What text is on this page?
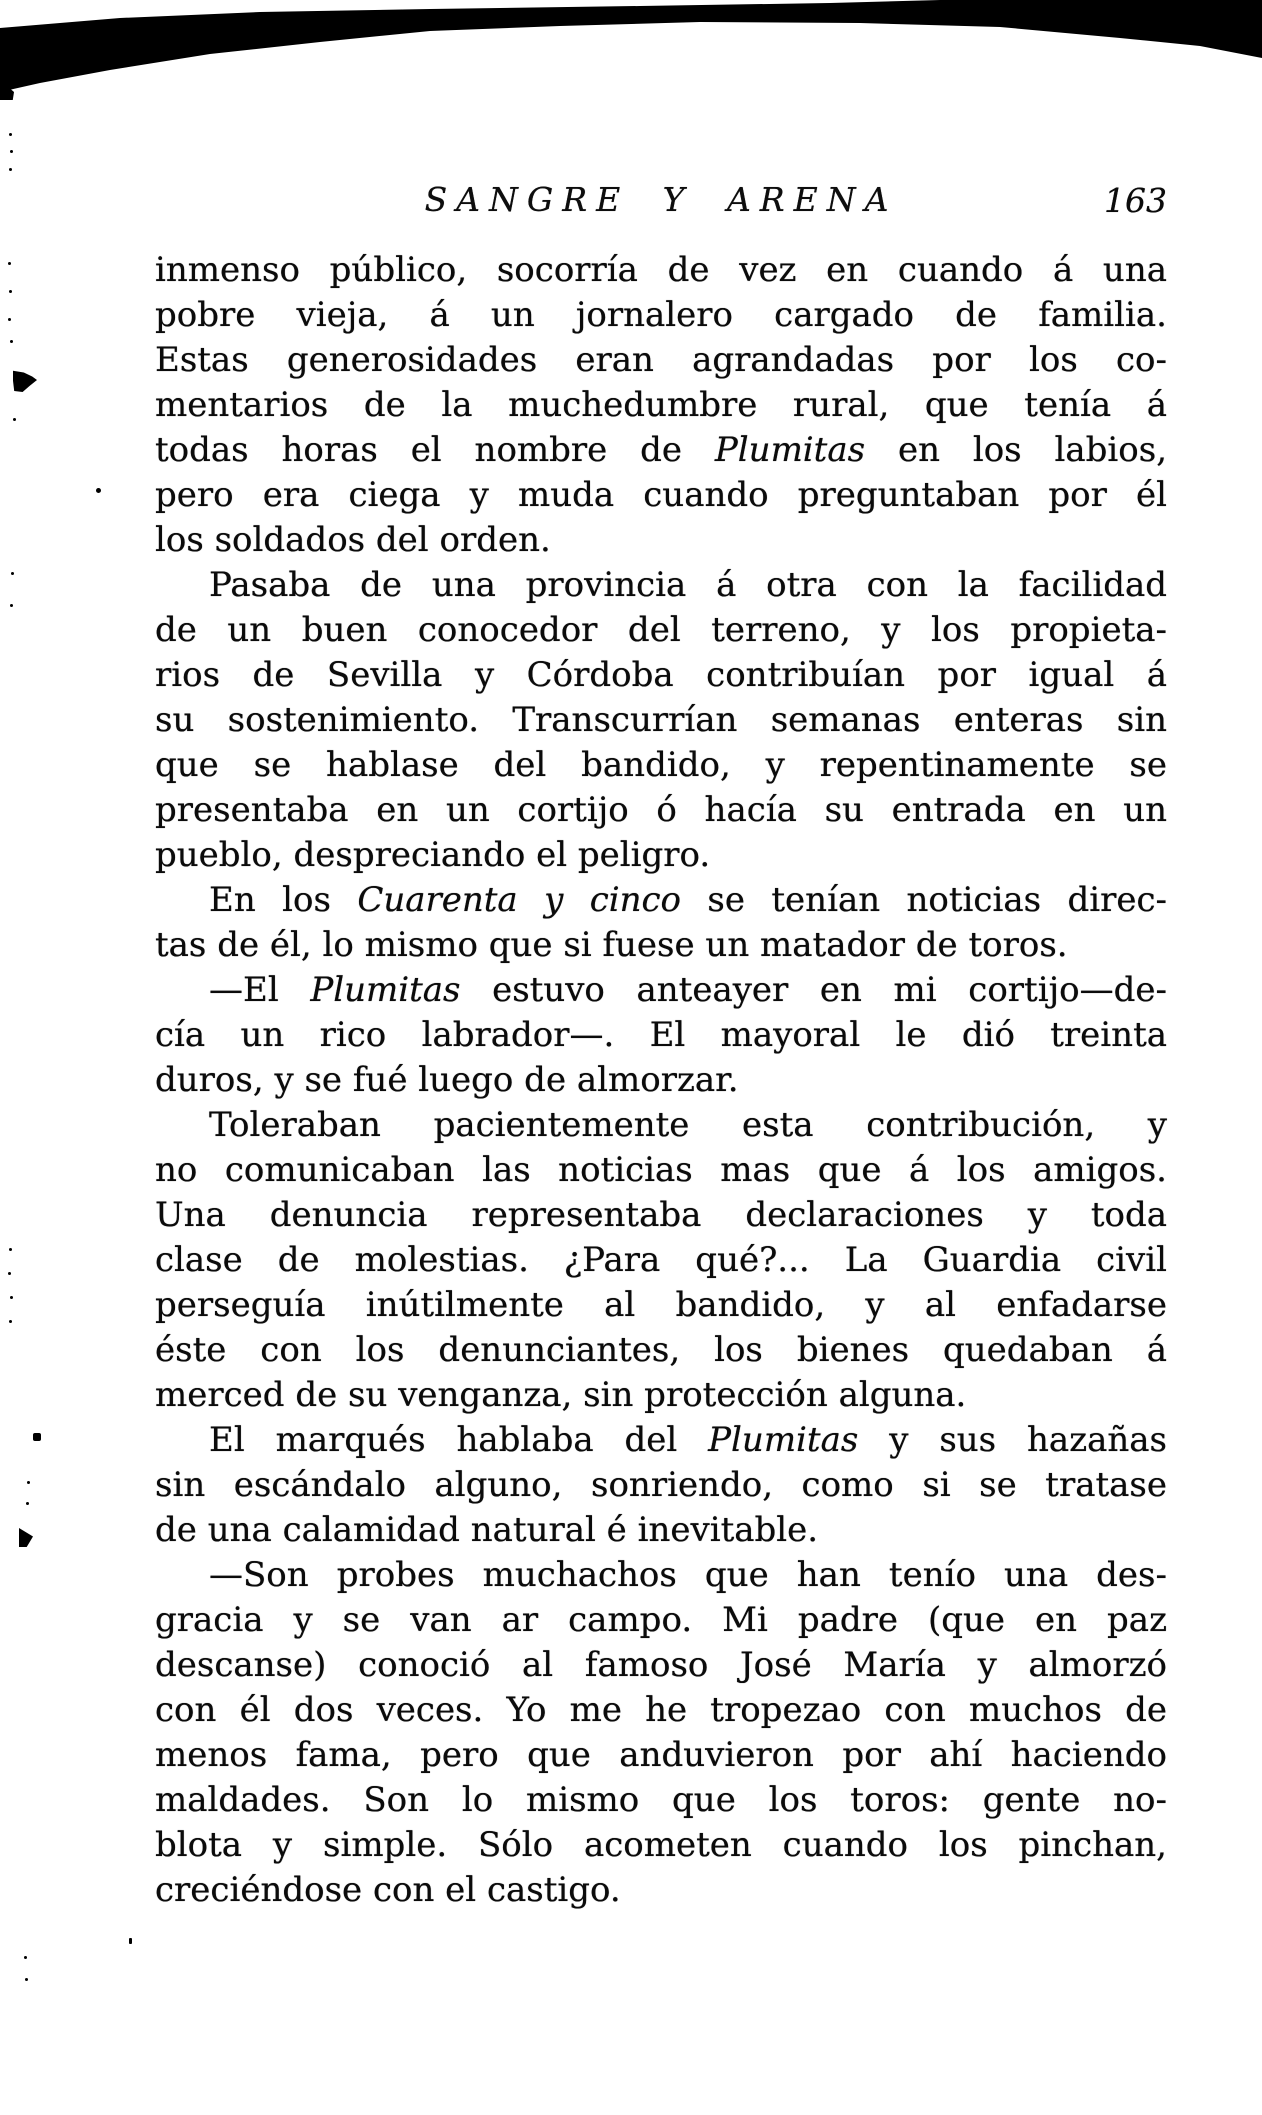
SANGRE Y ARENA	163
inmenso público, socorría de vez en cuando á una
pobre vieja, á un jornalero cargado de familia.
Estas generosidades eran agrandadas por los co-
mentarios de la muchedumbre rural, que tenía á
todas horas el nombre de Plumitas en los labios,
pero era ciega y muda cuando preguntaban por él
los soldados del orden.
Pasaba de una provincia á otra con la facilidad
de un buen conocedor del terreno, y los propieta-
rios de Sevilla y Córdoba contribuían por igual á
su sostenimiento. Transcurrían semanas enteras sin
que se hablase del bandido, y repentinamente se
presentaba en un cortijo ó hacía su entrada en un
pueblo, despreciando el peligro.
En los Cuarenta y cinco se tenían noticias direc-
tas de él, lo mismo que si fuese un matador de toros.
—El Plumitas estuvo anteayer en mi cortijo—de-
cía un rico labrador—. El mayoral le dió treinta
duros, y se fué luego de almorzar.
Toleraban pacientemente esta contribución, y
no comunicaban las noticias mas que á los amigos.
Una denuncia representaba declaraciones y toda
clase de molestias. ¿Para qué?... La Guardia civil
perseguía inútilmente al bandido, y al enfadarse
éste con los denunciantes, los bienes quedaban á
merced de su venganza, sin protección alguna.
El marqués hablaba del Plumitas y sus hazañas
sin escándalo alguno, sonriendo, como si se tratase
de una calamidad natural é inevitable.
—Son probes muchachos que han tenío una des-
gracia y se van ar campo. Mi padre (que en paz
descanse) conoció al famoso José María y almorzó
con él dos veces. Yo me he tropezao con muchos de
menos fama, pero que anduvieron por ahí haciendo
maldades. Son lo mismo que los toros: gente no-
blota y simple. Sólo acometen cuando los pinchan,
creciéndose con el castigo.
